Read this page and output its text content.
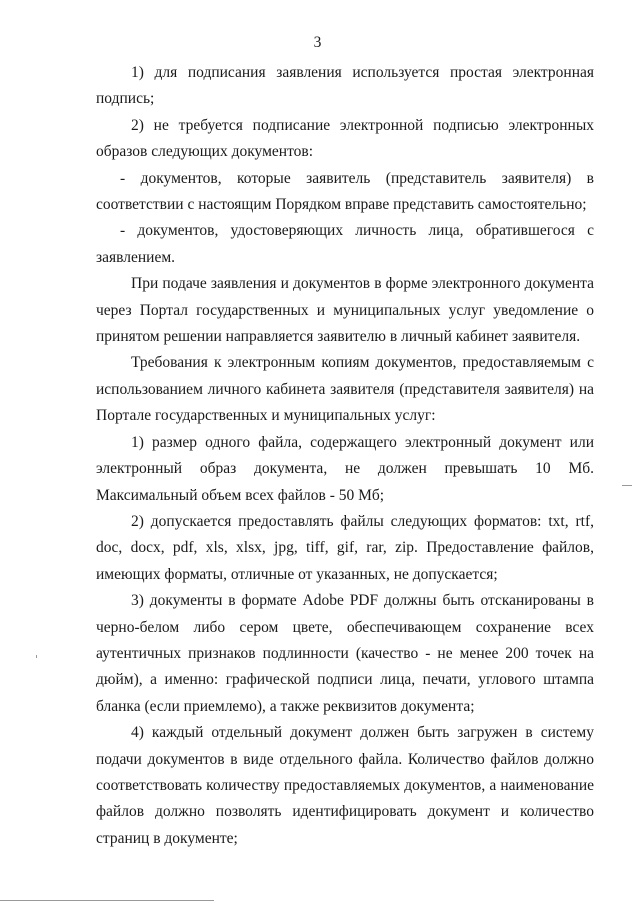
3

1) для подписания заявления используется простая электронная подпись;

2) не требуется подписание электронной подписью электронных образов следующих документов:

- документов, которые заявитель (представитель заявителя) в соответствии с настоящим Порядком вправе представить самостоятельно;

- документов, удостоверяющих личность лица, обратившегося с заявлением.

При подаче заявления и документов в форме электронного документа через Портал государственных и муниципальных услуг уведомление о принятом решении направляется заявителю в личный кабинет заявителя.

Требования к электронным копиям документов, предоставляемым с использованием личного кабинета заявителя (представителя заявителя) на Портале государственных и муниципальных услуг:

1) размер одного файла, содержащего электронный документ или электронный образ документа, не должен превышать 10 Мб. Максимальный объем всех файлов - 50 Мб;

2) допускается предоставлять файлы следующих форматов: txt, rtf, doc, docx, pdf, xls, xlsx, jpg, tiff, gif, rar, zip. Предоставление файлов, имеющих форматы, отличные от указанных, не допускается;

3) документы в формате Adobe PDF должны быть отсканированы в черно-белом либо сером цвете, обеспечивающем сохранение всех аутентичных признаков подлинности (качество - не менее 200 точек на дюйм), а именно: графической подписи лица, печати, углового штампа бланка (если приемлемо), а также реквизитов документа;

4) каждый отдельный документ должен быть загружен в систему подачи документов в виде отдельного файла. Количество файлов должно соответствовать количеству предоставляемых документов, а наименование файлов должно позволять идентифицировать документ и количество страниц в документе;
